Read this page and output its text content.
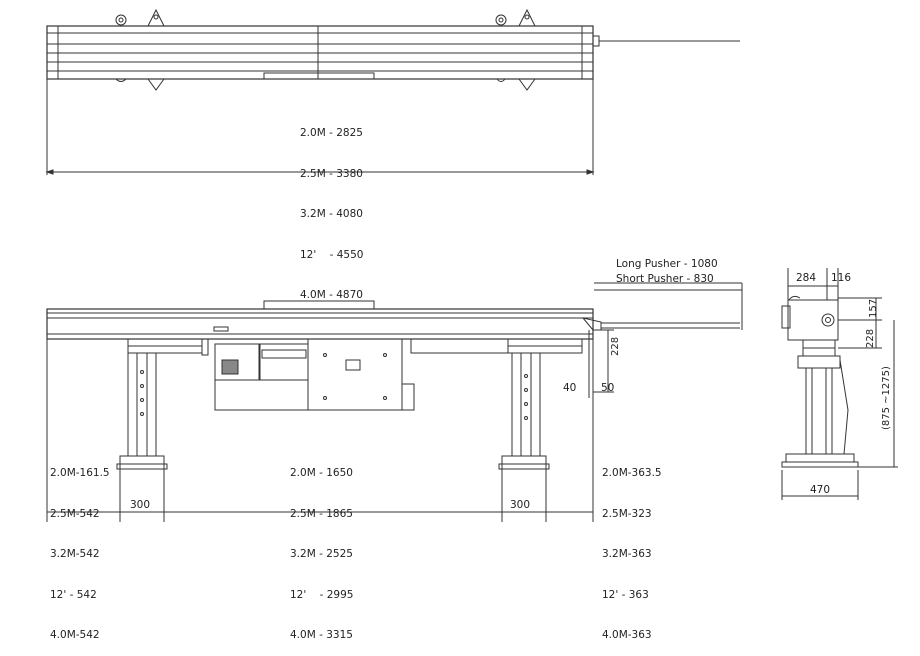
2.0M - 2825

2.5M - 3380

3.2M - 4080

12'    - 4550

4.0M - 4870

Long Pusher - 1080
Short Pusher - 830
228
40 50

2.0M-161.5

2.5M-542

3.2M-542

12' - 542

4.0M-542

2.0M - 1650

2.5M - 1865

3.2M - 2525

12'    - 2995

4.0M - 3315

2.0M-363.5

2.5M-323

3.2M-363

12' - 363

4.0M-363

300	300
284 116
157
228
(875 ~1275)
470
